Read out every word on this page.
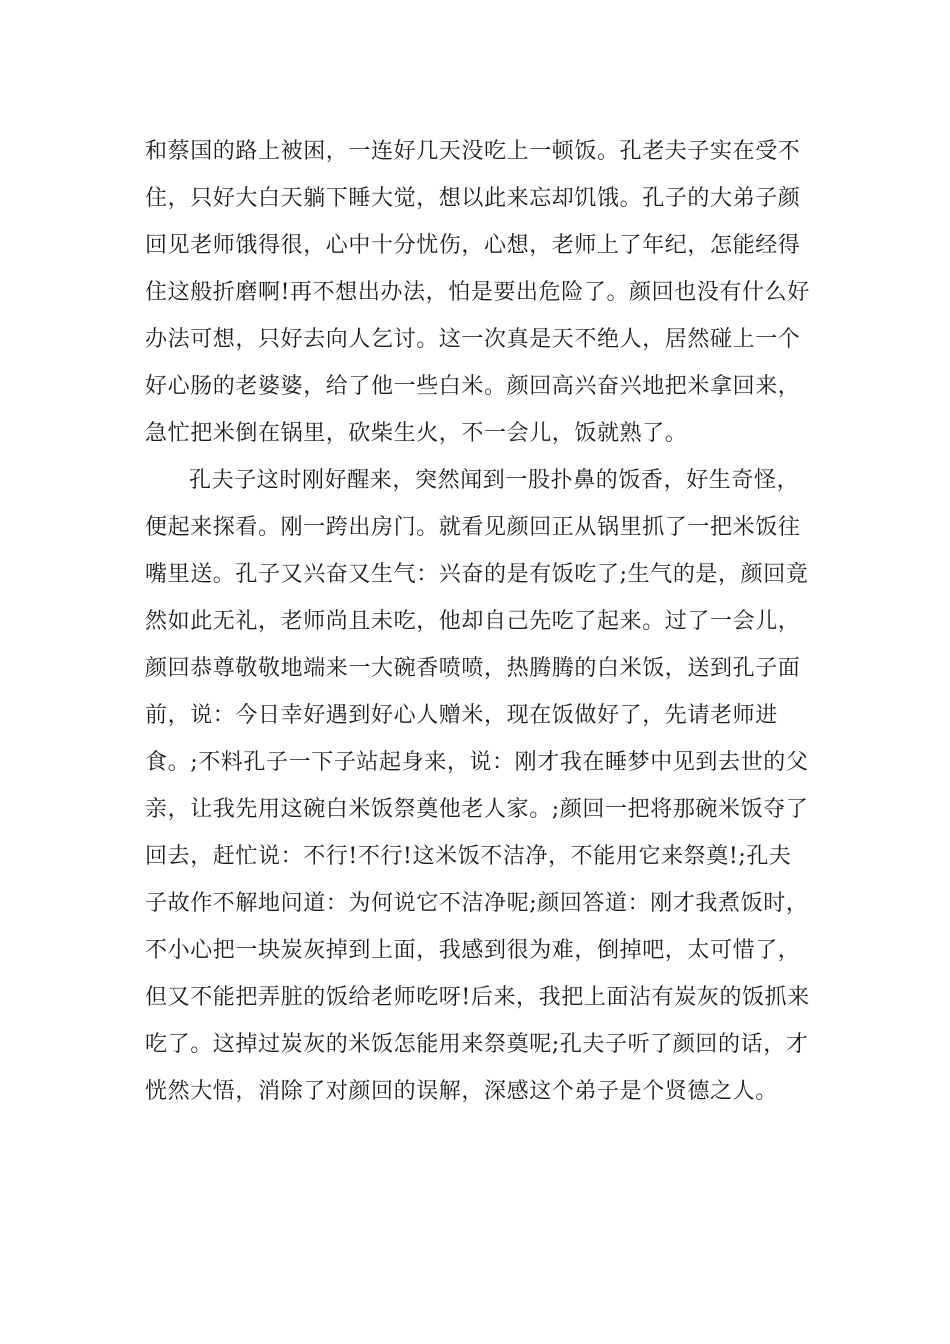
和蔡国的路上被困，一连好几天没吃上一顿饭。孔老夫子实在受不
住，只好大白天躺下睡大觉，想以此来忘却饥饿。孔子的大弟子颜
回见老师饿得很，心中十分忧伤，心想，老师上了年纪，怎能经得
住这般折磨啊!再不想出办法，怕是要出危险了。颜回也没有什么好
办法可想，只好去向人乞讨。这一次真是天不绝人，居然碰上一个
好心肠的老婆婆，给了他一些白米。颜回高兴奋兴地把米拿回来，
急忙把米倒在锅里，砍柴生火，不一会儿，饭就熟了。
孔夫子这时刚好醒来，突然闻到一股扑鼻的饭香，好生奇怪，
便起来探看。刚一跨出房门。就看见颜回正从锅里抓了一把米饭往
嘴里送。孔子又兴奋又生气：兴奋的是有饭吃了;生气的是，颜回竟
然如此无礼，老师尚且未吃，他却自己先吃了起来。过了一会儿，
颜回恭尊敬敬地端来一大碗香喷喷，热腾腾的白米饭，送到孔子面
前，说：今日幸好遇到好心人赠米，现在饭做好了，先请老师进
食。;不料孔子一下子站起身来，说：刚才我在睡梦中见到去世的父
亲，让我先用这碗白米饭祭奠他老人家。;颜回一把将那碗米饭夺了
回去，赶忙说：不行!不行!这米饭不洁净，不能用它来祭奠!;孔夫
子故作不解地问道：为何说它不洁净呢;颜回答道：刚才我煮饭时，
不小心把一块炭灰掉到上面，我感到很为难，倒掉吧，太可惜了，
但又不能把弄脏的饭给老师吃呀!后来，我把上面沾有炭灰的饭抓来
吃了。这掉过炭灰的米饭怎能用来祭奠呢;孔夫子听了颜回的话，才
恍然大悟，消除了对颜回的误解，深感这个弟子是个贤德之人。
